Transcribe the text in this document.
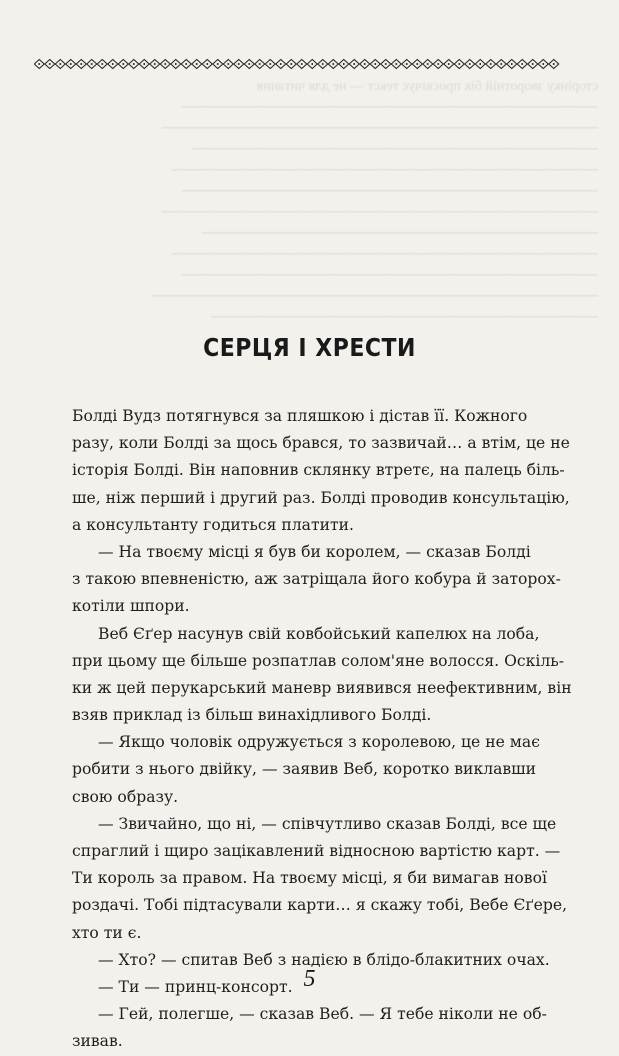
сторінку зворотній бік просвічує текст — не для читання
──────────────────────────────────────────
────────────────────────────────────────────
─────────────────────────────────────────
───────────────────────────────────────────
──────────────────────────────────────────
────────────────────────────────────────────
────────────────────────────────────────
───────────────────────────────────────────
──────────────────────────────────────────
─────────────────────────────────────────────
───────────────────────────────────────
СЕРЦЯ І ХРЕСТИ
Болді Вудз потягнувся за пляшкою і дістав її. Кожного
разу, коли Болді за щось брався, то зазвичай… а втім, це не
історія Болді. Він наповнив склянку втретє, на палець біль-
ше, ніж перший і другий раз. Болді проводив консультацію,
а консультанту годиться платити.
— На твоєму місці я був би королем, — сказав Болді
з такою впевненістю, аж затріщала його кобура й заторох-
котіли шпори.
Веб Єґер насунув свій ковбойський капелюх на лоба,
при цьому ще більше розпатлав солом'яне волосся. Оскіль-
ки ж цей перукарський маневр виявився неефективним, він
взяв приклад із більш винахідливого Болді.
— Якщо чоловік одружується з королевою, це не має
робити з нього двійку, — заявив Веб, коротко виклавши
свою образу.
— Звичайно, що ні, — співчутливо сказав Болді, все ще
спраглий і щиро зацікавлений відносною вартістю карт. —
Ти король за правом. На твоєму місці, я би вимагав нової
роздачі. Тобі підтасували карти… я скажу тобі, Вебе Єґере,
хто ти є.
— Хто? — спитав Веб з надією в блідо-блакитних очах.
— Ти — принц-консорт.
— Гей, полегше, — сказав Веб. — Я тебе ніколи не об-
зивав.
5
